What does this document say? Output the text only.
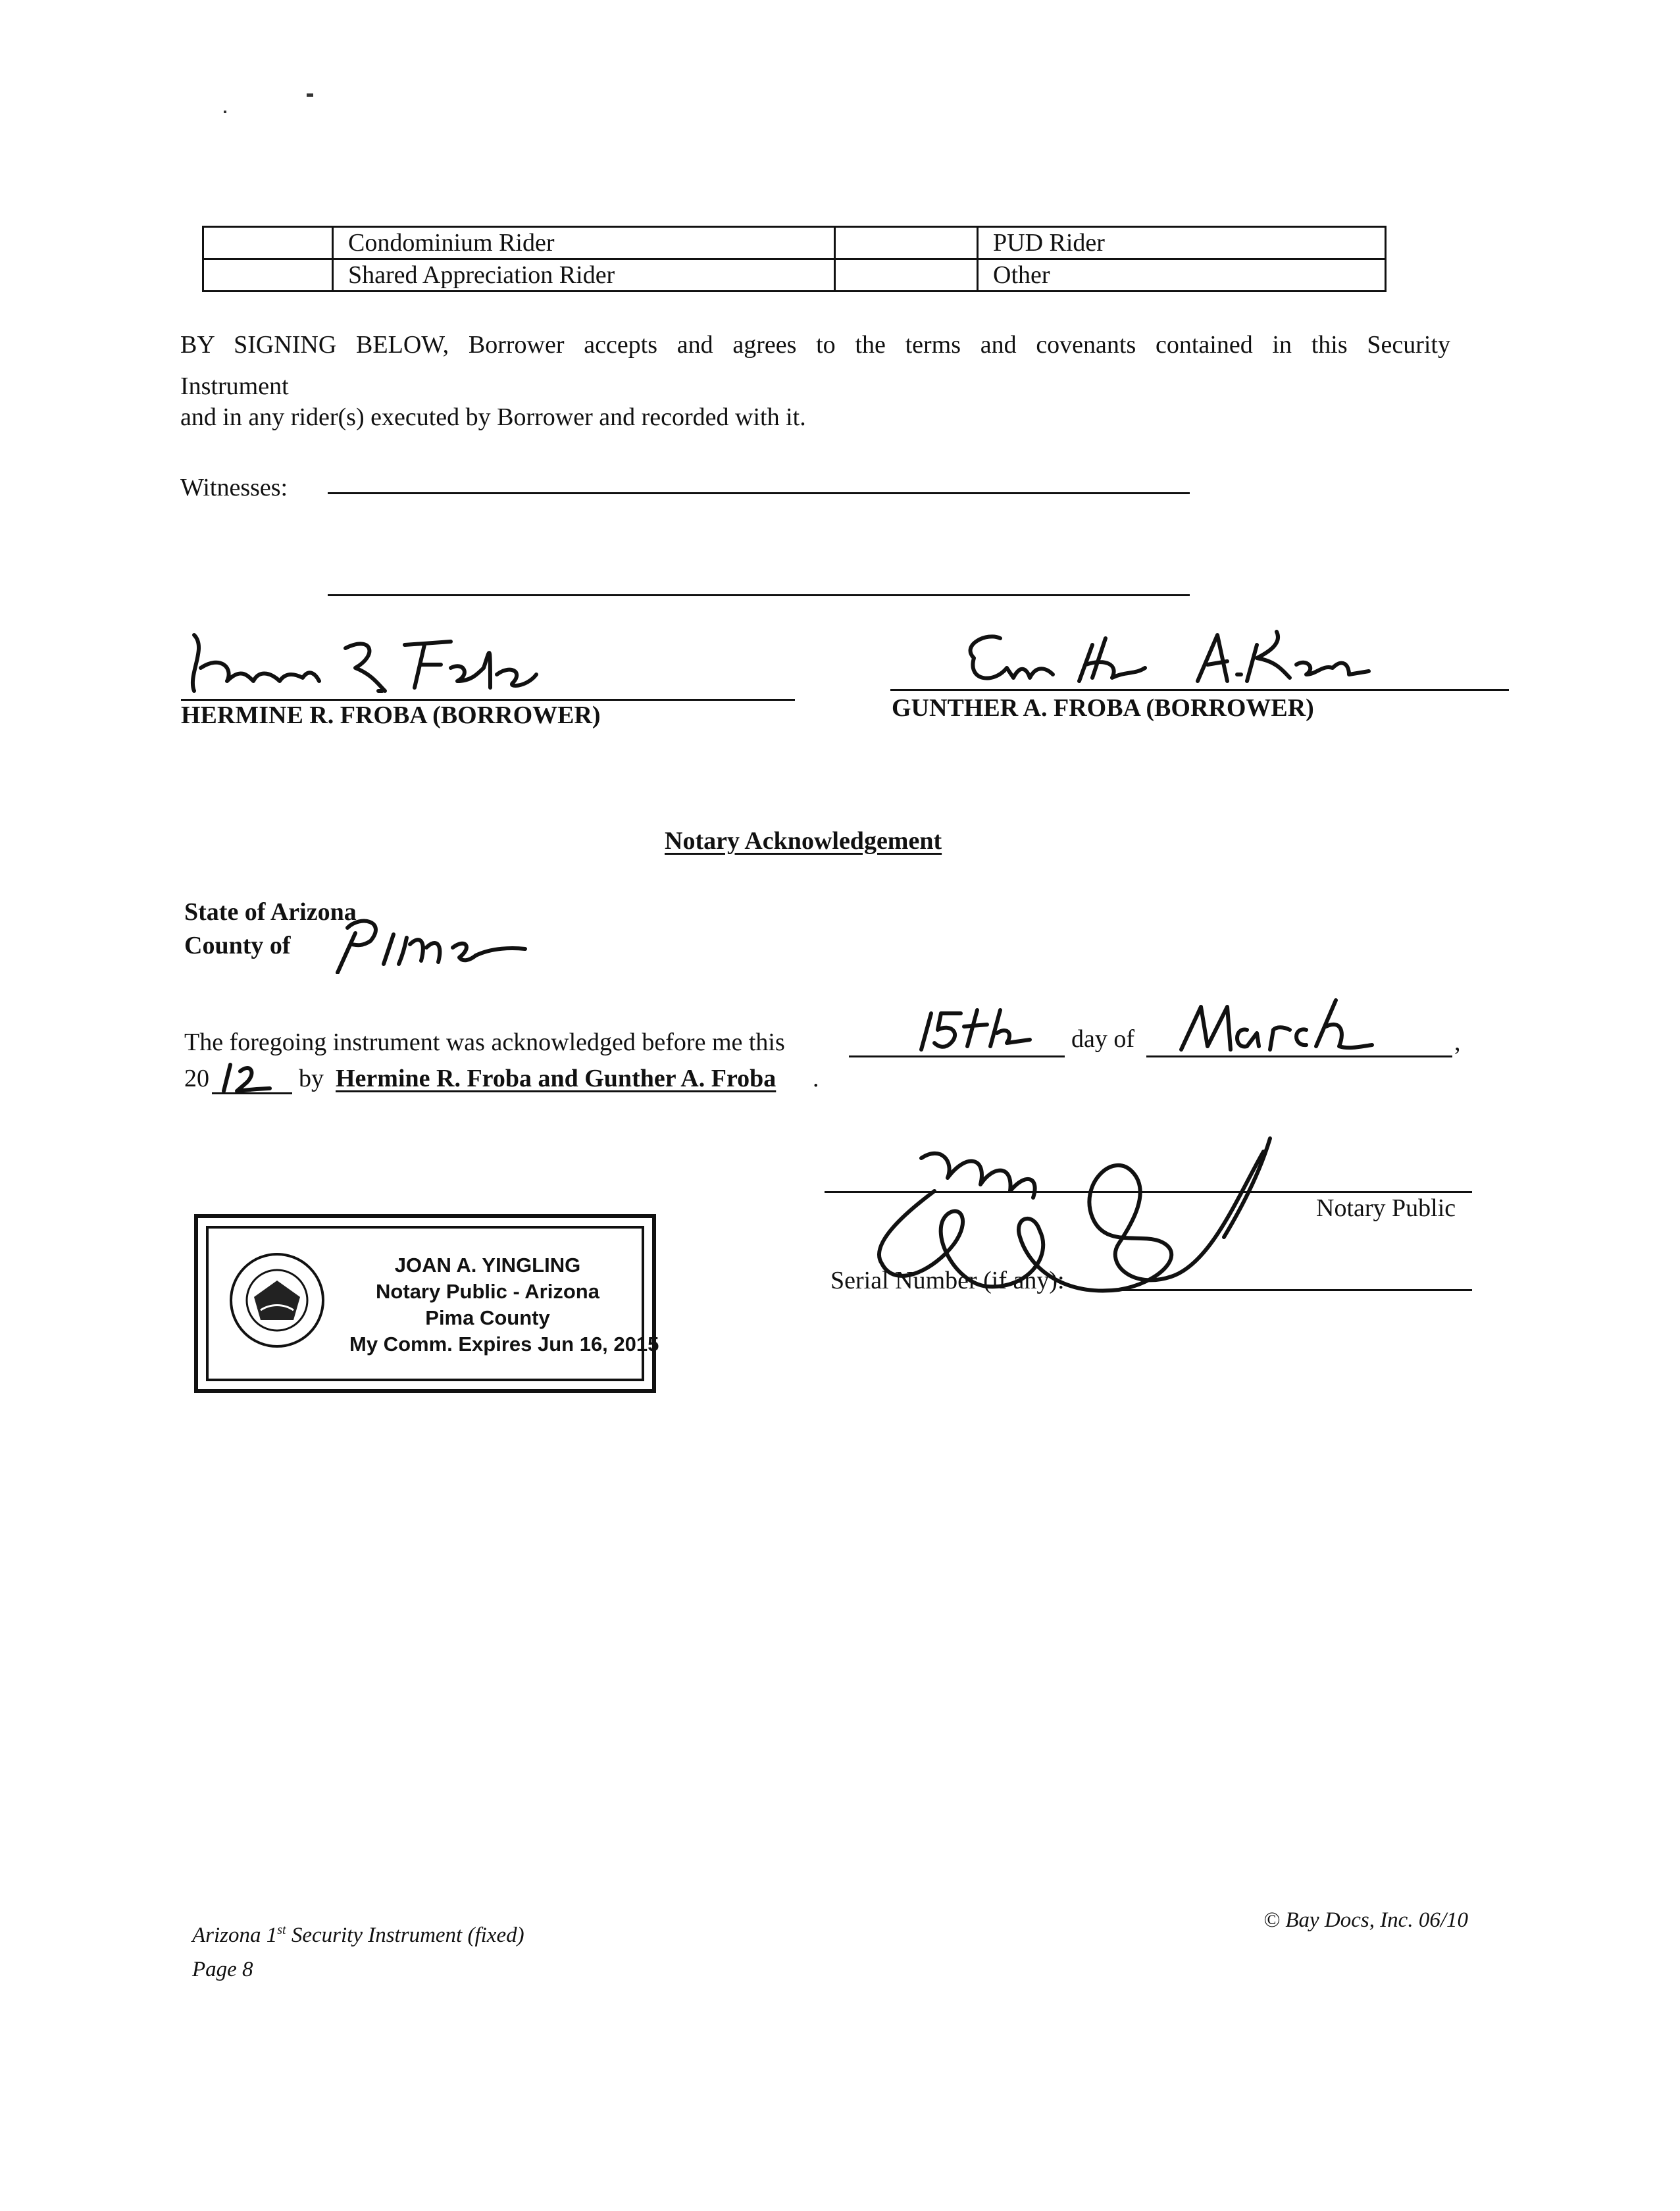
	Condominium Rider		PUD Rider
	Shared Appreciation Rider		Other
BY SIGNING BELOW, Borrower accepts and agrees to the terms and covenants contained in this Security
Instrument
and in any rider(s) executed by Borrower and recorded with it.
Witnesses:
HERMINE R. FROBA (BORROWER)	GUNTHER A. FROBA (BORROWER)
Notary Acknowledgement
State of Arizona
County of
The foregoing instrument was acknowledged before me this	day of	,
20	by Hermine R. Froba and Gunther A. Froba .
Notary Public
Serial Number (if any):
JOAN A. YINGLING
Notary Public - Arizona
Pima County
My Comm. Expires Jun 16, 2015
Arizona 1st Security Instrument (fixed)
Page 8
© Bay Docs, Inc. 06/10
